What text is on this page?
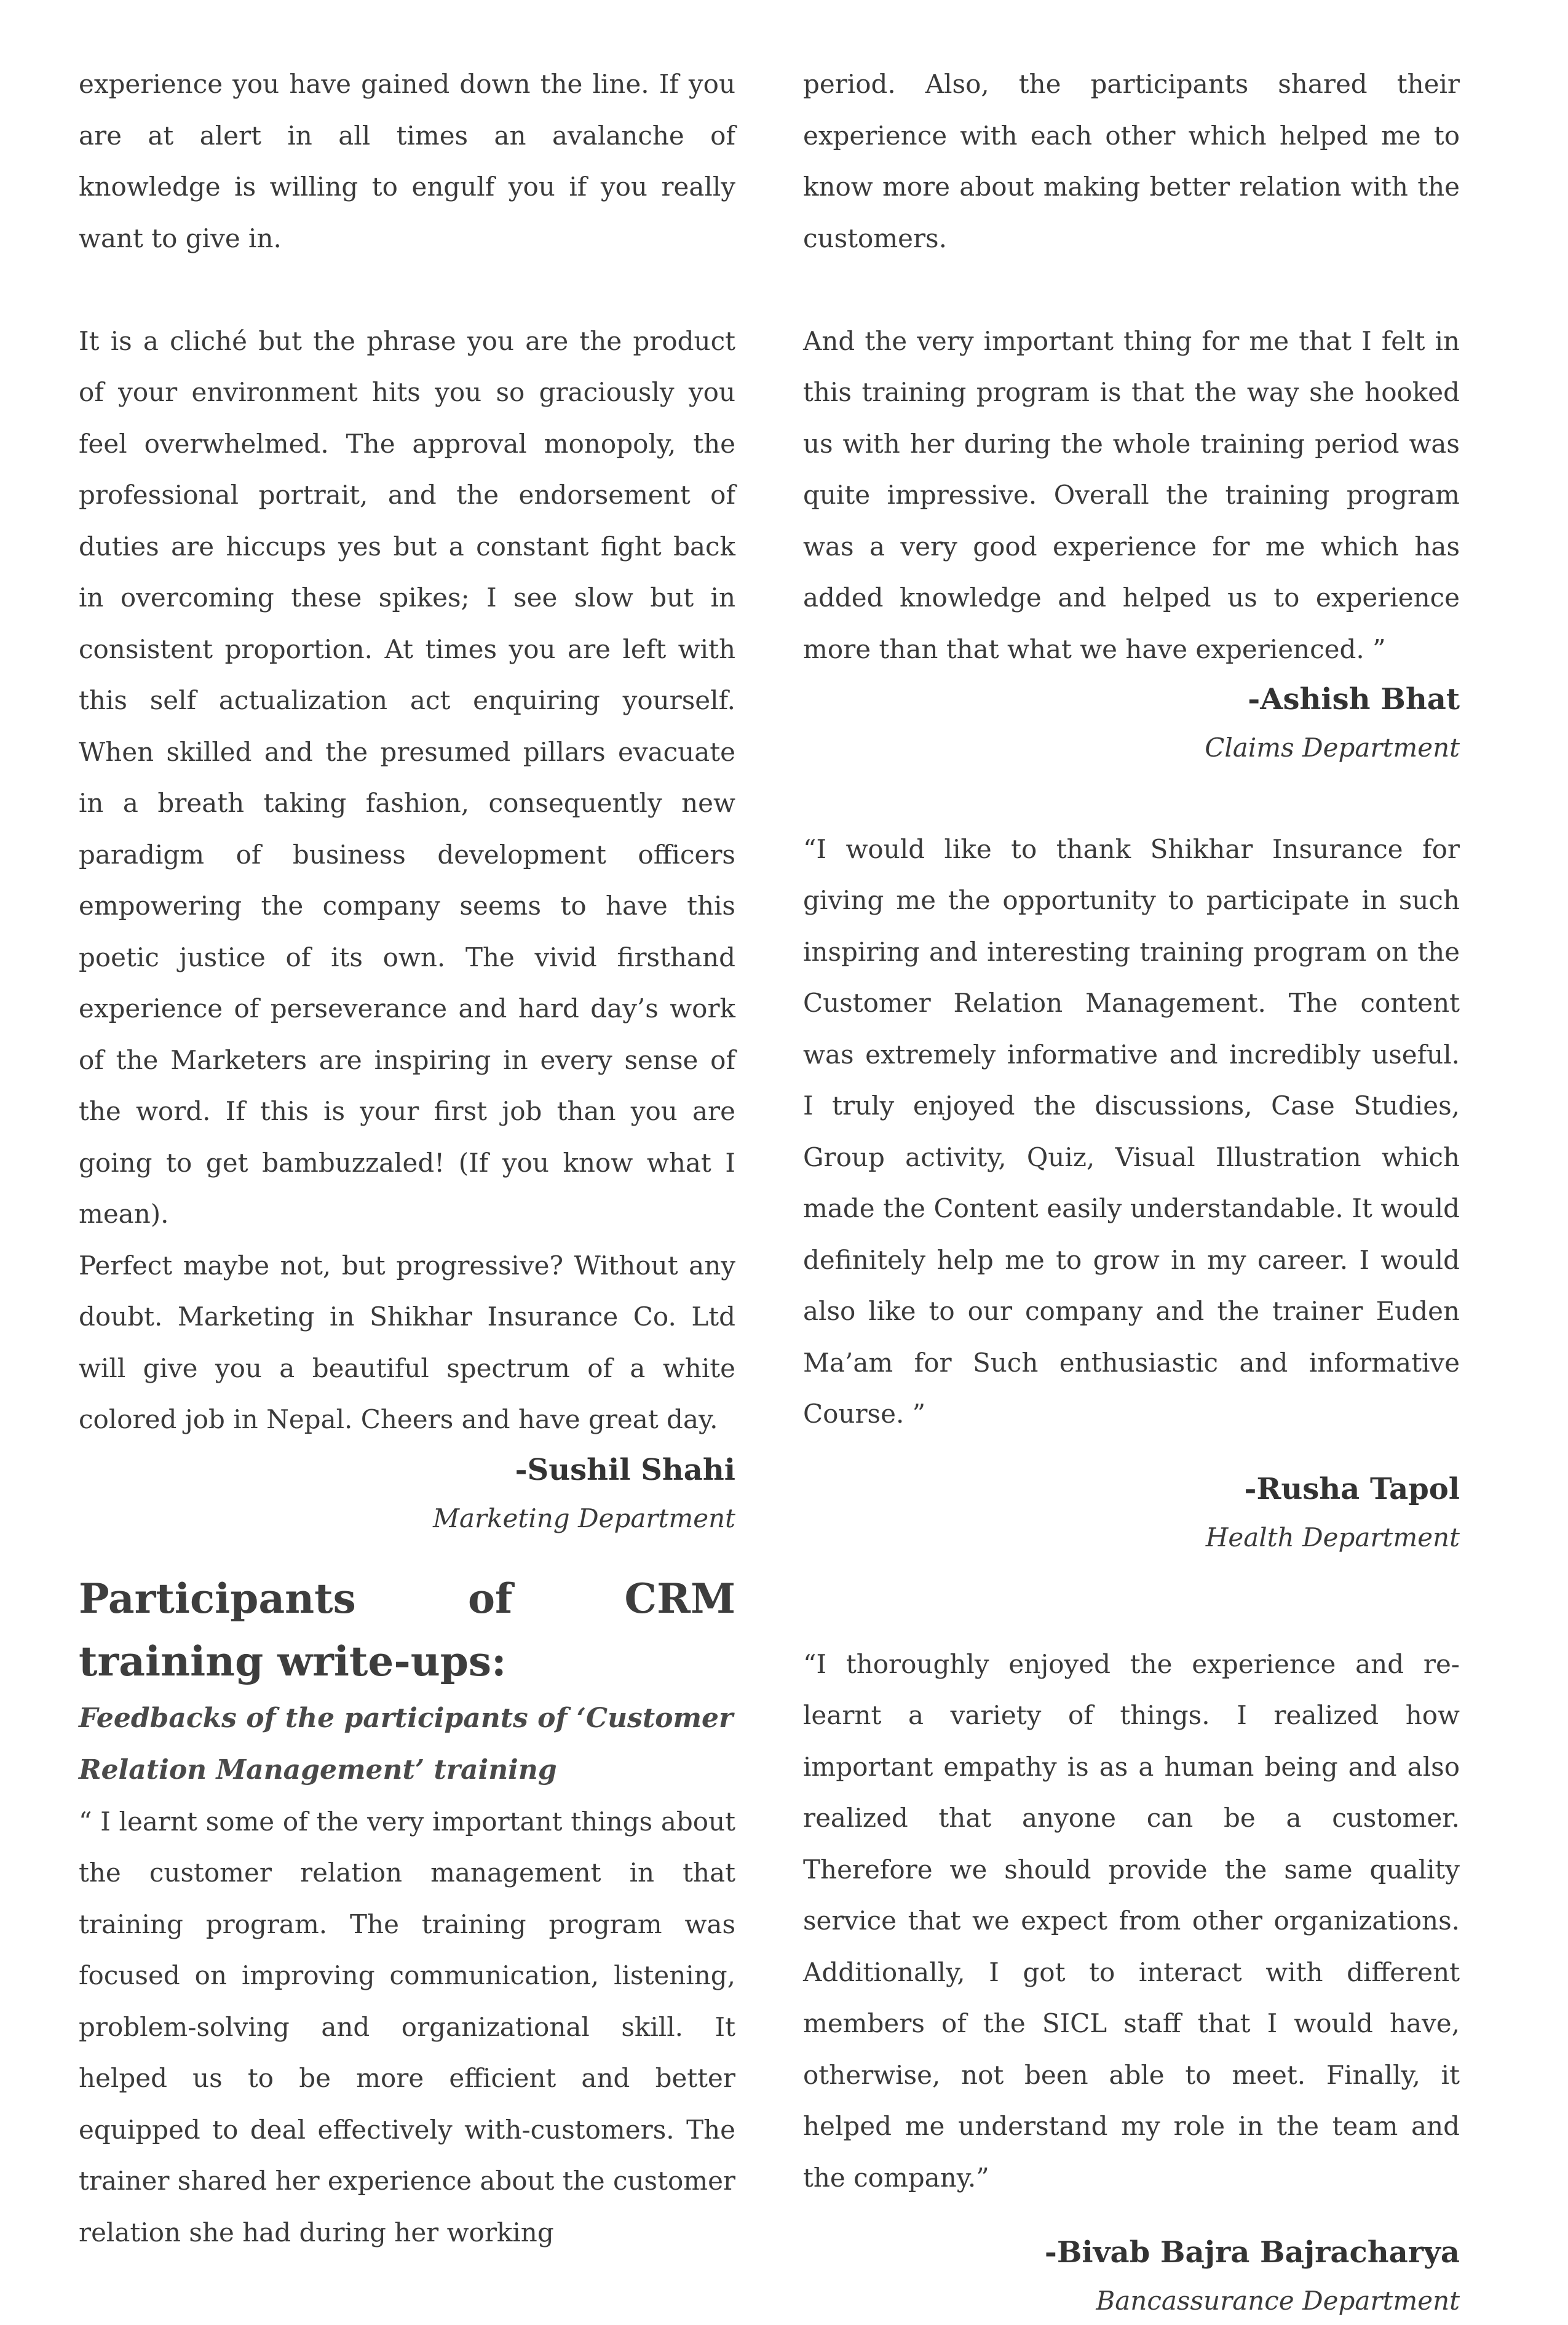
experience you have gained down the line. If you are at alert in all times an avalanche of knowledge is willing to engulf you if you really want to give in.

It is a cliché but the phrase you are the product of your environment hits you so graciously you feel overwhelmed. The approval monopoly, the professional portrait, and the endorsement of duties are hiccups yes but a constant fight back in overcoming these spikes; I see slow but in consistent proportion. At times you are left with this self actualization act enquiring yourself. When skilled and the presumed pillars evacuate in a breath taking fashion, consequently new paradigm of business development officers empowering the company seems to have this poetic justice of its own. The vivid firsthand experience of perseverance and hard day’s work of the Marketers are inspiring in every sense of the word. If this is your first job than you are going to get bambuzzaled! (If you know what I mean).

Perfect maybe not, but progressive? Without any doubt. Marketing in Shikhar Insurance Co. Ltd will give you a beautiful spectrum of a white colored job in Nepal. Cheers and have great day.

-Sushil Shahi

Marketing Department

Participants of CRM training write-ups:
Feedbacks of the participants of ‘Customer Relation Management’ training

“ I learnt some of the very important things about the customer relation management in that training program. The training program was focused on improving communication, listening, problem-solving and organizational skill. It helped us to be more efficient and better equipped to deal effectively with-customers. The trainer shared her experience about the customer relation she had during her working

period. Also, the participants shared their experience with each other which helped me to know more about making better relation with the customers.

And the very important thing for me that I felt in this training program is that the way she hooked us with her during the whole training period was quite impressive. Overall the training program was a very good experience for me which has added knowledge and helped us to experience more than that what we have experienced. ”

-Ashish Bhat

Claims Department

“I would like to thank Shikhar Insurance for giving me the opportunity to participate in such inspiring and interesting training program on the Customer Relation Management. The content was extremely informative and incredibly useful. I truly enjoyed the discussions, Case Studies, Group activity, Quiz, Visual Illustration which made the Content easily understandable. It would definitely help me to grow in my career. I would also like to our company and the trainer Euden Ma’am for Such enthusiastic and informative Course. ”

-Rusha Tapol

Health Department

“I thoroughly enjoyed the experience and re-learnt a variety of things. I realized how important empathy is as a human being and also realized that anyone can be a customer. Therefore we should provide the same quality service that we expect from other organizations. Additionally, I got to interact with different members of the SICL staff that I would have, otherwise, not been able to meet. Finally, it helped me understand my role in the team and the company.”

-Bivab Bajra Bajracharya

Bancassurance Department
